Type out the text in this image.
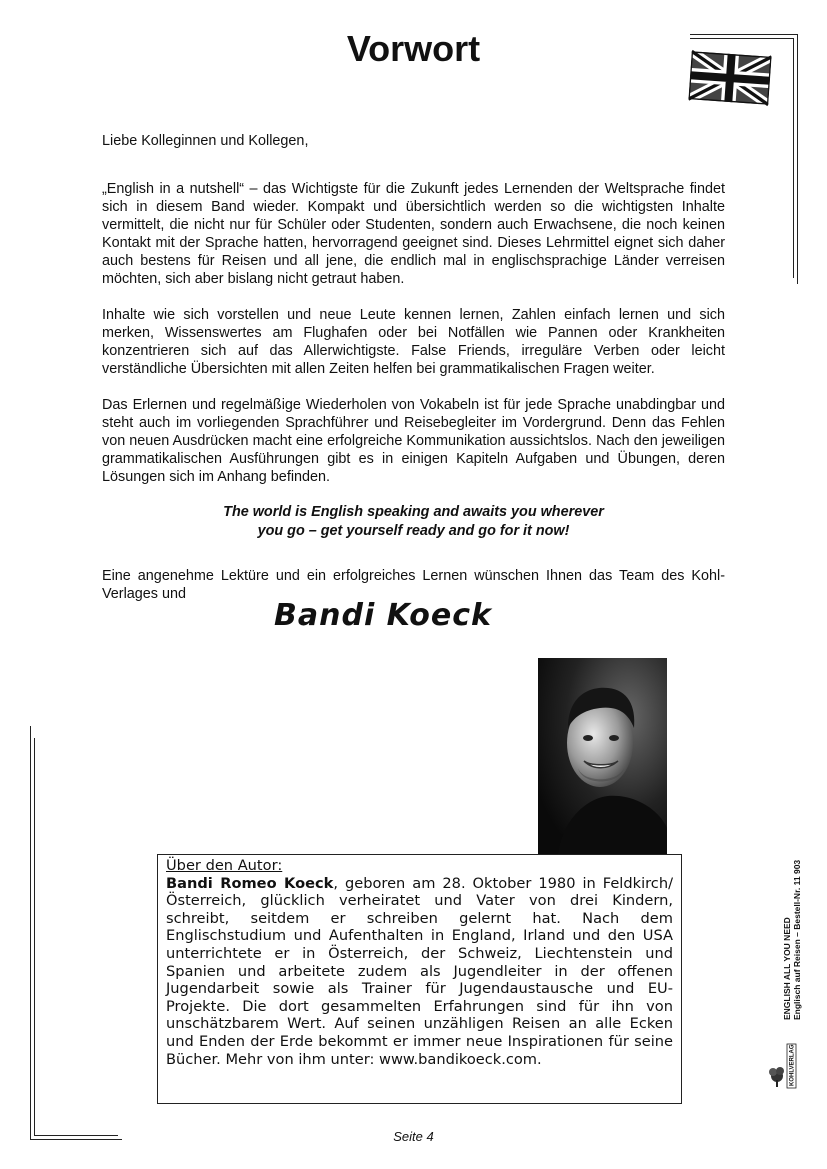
Vorwort

Liebe Kolleginnen und Kollegen,

„English in a nutshell“ – das Wichtigste für die Zukunft jedes Lernenden der Weltsprache findet sich in diesem Band wieder. Kompakt und übersichtlich werden so die wichtigsten Inhalte vermittelt, die nicht nur für Schüler oder Studenten, sondern auch Erwachsene, die noch keinen Kontakt mit der Sprache hatten, hervorragend geeignet sind. Dieses Lehrmittel eignet sich daher auch bestens für Reisen und all jene, die endlich mal in englischsprachige Länder verreisen möchten, sich aber bislang nicht getraut haben.

Inhalte wie sich vorstellen und neue Leute kennen lernen, Zahlen einfach lernen und sich merken, Wissenswertes am Flughafen oder bei Notfällen wie Pannen oder Krankheiten konzentrieren sich auf das Allerwichtigste. False Friends, irreguläre Verben oder leicht verständliche Übersichten mit allen Zeiten helfen bei grammatikalischen Fragen weiter.

Das Erlernen und regelmäßige Wiederholen von Vokabeln ist für jede Sprache unabdingbar und steht auch im vorliegenden Sprachführer und Reisebegleiter im Vordergrund. Denn das Fehlen von neuen Ausdrücken macht eine erfolgreiche Kommunikation aussichtslos. Nach den jeweiligen grammatikalischen Ausführungen gibt es in einigen Kapiteln Aufgaben und Übungen, deren Lösungen sich im Anhang befinden.

The world is English speaking and awaits you wherever
you go – get yourself ready and go for it now!

Eine angenehme Lektüre und ein erfolgreiches Lernen wünschen Ihnen das Team des Kohl-Verlages und

Bandi Koeck
Über den Autor:
Bandi Romeo Koeck, geboren am 28. Oktober 1980 in Feldkirch/Österreich, glücklich verheiratet und Vater von drei Kindern, schreibt, seitdem er schreiben gelernt hat. Nach dem Englischstudium und Aufenthalten in England, Irland und den USA unterrichtete er in Österreich, der Schweiz, Liechtenstein und Spanien und arbeitete zudem als Jugendleiter in der offenen Jugendarbeit sowie als Trainer für Jugendaustausche und EU-Projekte. Die dort gesammelten Erfahrungen sind für ihn von unschätzbarem Wert. Auf seinen unzähligen Reisen an alle Ecken und Enden der Erde bekommt er immer neue Inspirationen für seine Bücher. Mehr von ihm unter: www.bandikoeck.com.
ENGLISH ALL YOU NEED Englisch auf Reisen – Bestell-Nr. 11 903
KOHLVERLAG
Seite 4
